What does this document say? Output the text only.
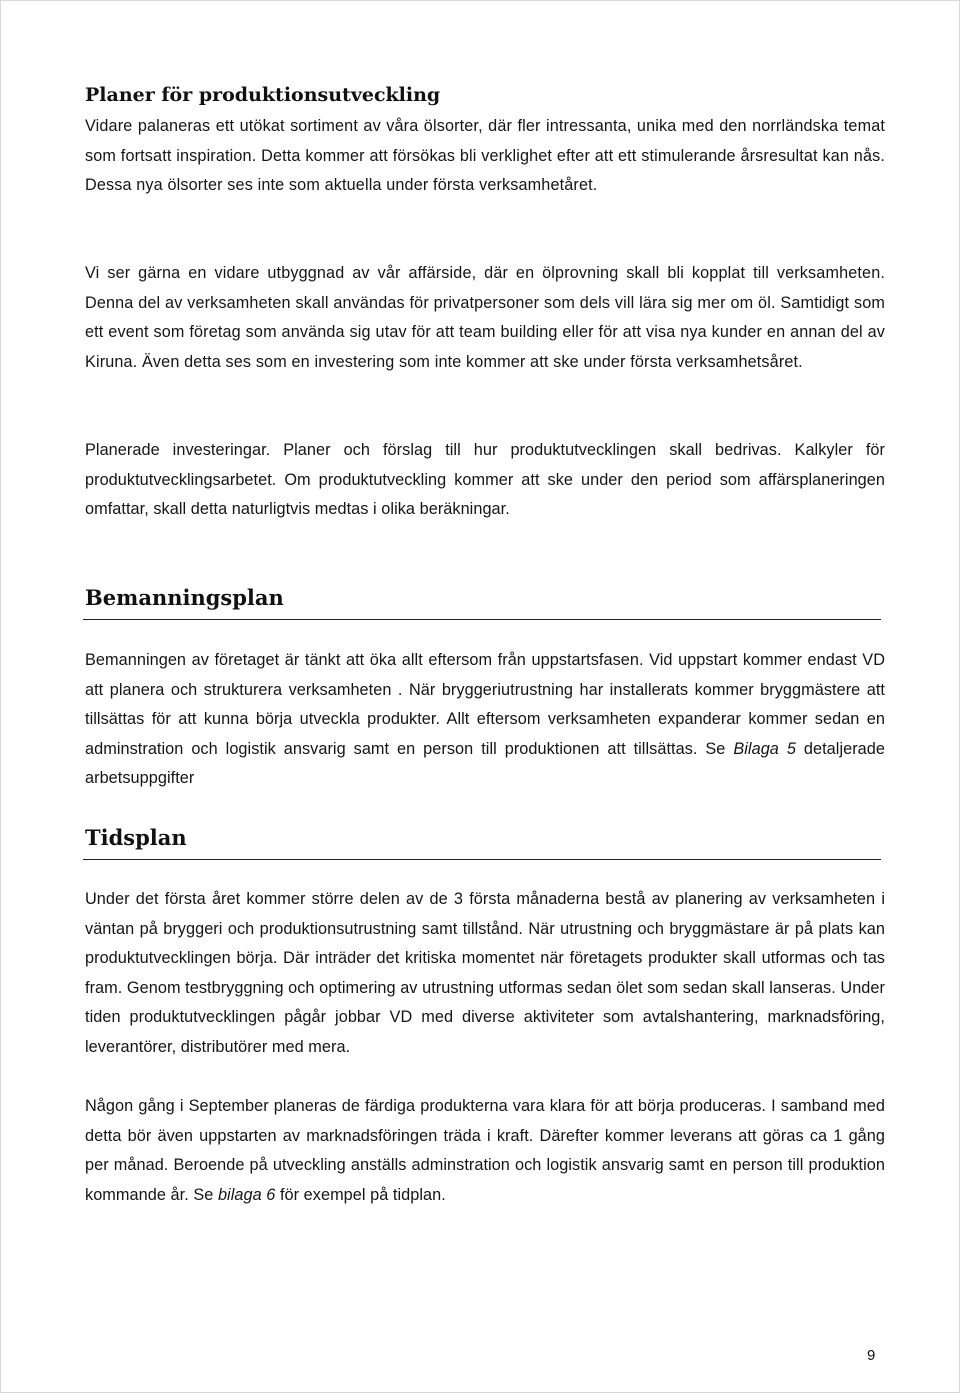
Planer för produktionsutveckling

Vidare palaneras ett utökat sortiment av våra ölsorter, där fler intressanta, unika med den norrländska temat som fortsatt inspiration. Detta kommer att försökas bli verklighet efter att ett stimulerande årsresultat kan nås. Dessa nya ölsorter ses inte som aktuella under första verksamhetåret.

Vi ser gärna en vidare utbyggnad av vår affärside, där en ölprovning skall bli kopplat till verksamheten. Denna del av verksamheten skall användas för privatpersoner som dels vill lära sig mer om öl. Samtidigt som ett event som företag som använda sig utav för att team building eller för att visa nya kunder en annan del av Kiruna. Även detta ses som en investering som inte kommer att ske under första verksamhetsåret.

Planerade investeringar. Planer och förslag till hur produktutvecklingen skall bedrivas. Kalkyler för produktutvecklingsarbetet. Om produktutveckling kommer att ske under den period som affärsplaneringen omfattar, skall detta naturligtvis medtas i olika beräkningar.

Bemanningsplan

Bemanningen av företaget är tänkt att öka allt eftersom från uppstartsfasen. Vid uppstart kommer endast VD att planera och strukturera verksamheten . När bryggeriutrustning har installerats kommer bryggmästere att tillsättas för att kunna börja utveckla produkter. Allt eftersom verksamheten expanderar kommer sedan en adminstration och logistik ansvarig samt en person till produktionen att tillsättas. Se Bilaga 5 detaljerade arbetsuppgifter

Tidsplan

Under det första året kommer större delen av de 3 första månaderna bestå av planering av verksamheten i väntan på bryggeri och produktionsutrustning samt tillstånd. När utrustning och bryggmästare är på plats kan produktutvecklingen börja. Där inträder det kritiska momentet när företagets produkter skall utformas och tas fram. Genom testbryggning och optimering av utrustning utformas sedan ölet som sedan skall lanseras. Under tiden produktutvecklingen pågår jobbar VD med diverse aktiviteter som avtalshantering, marknadsföring, leverantörer, distributörer med mera.

Någon gång i September planeras de färdiga produkterna vara klara för att börja produceras. I samband med detta bör även uppstarten av marknadsföringen träda i kraft. Därefter kommer leverans att göras ca 1 gång per månad. Beroende på utveckling anställs adminstration och logistik ansvarig samt en person till produktion kommande år. Se bilaga 6 för exempel på tidplan.

9
